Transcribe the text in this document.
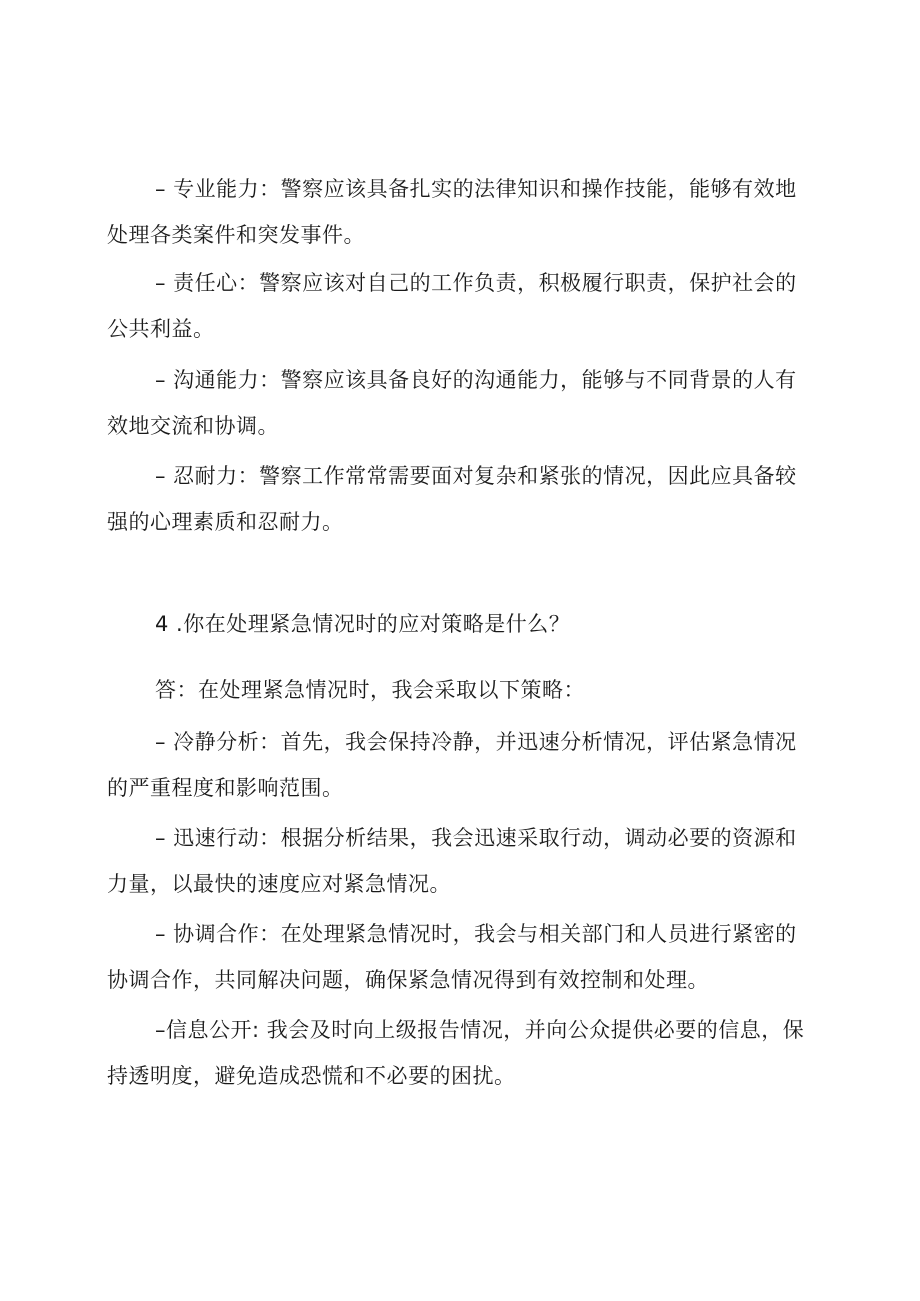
– 专业能力：警察应该具备扎实的法律知识和操作技能，能够有效地
处理各类案件和突发事件。
– 责任心：警察应该对自己的工作负责，积极履行职责，保护社会的
公共利益。
– 沟通能力：警察应该具备良好的沟通能力，能够与不同背景的人有
效地交流和协调。
– 忍耐力：警察工作常常需要面对复杂和紧张的情况，因此应具备较
强的心理素质和忍耐力。
4 .你在处理紧急情况时的应对策略是什么？
答：在处理紧急情况时，我会采取以下策略：
– 冷静分析：首先，我会保持冷静，并迅速分析情况，评估紧急情况
的严重程度和影响范围。
– 迅速行动：根据分析结果，我会迅速采取行动，调动必要的资源和
力量，以最快的速度应对紧急情况。
– 协调合作：在处理紧急情况时，我会与相关部门和人员进行紧密的
协调合作，共同解决问题，确保紧急情况得到有效控制和处理。
–信息公开: 我会及时向上级报告情况，并向公众提供必要的信息，保
持透明度，避免造成恐慌和不必要的困扰。
